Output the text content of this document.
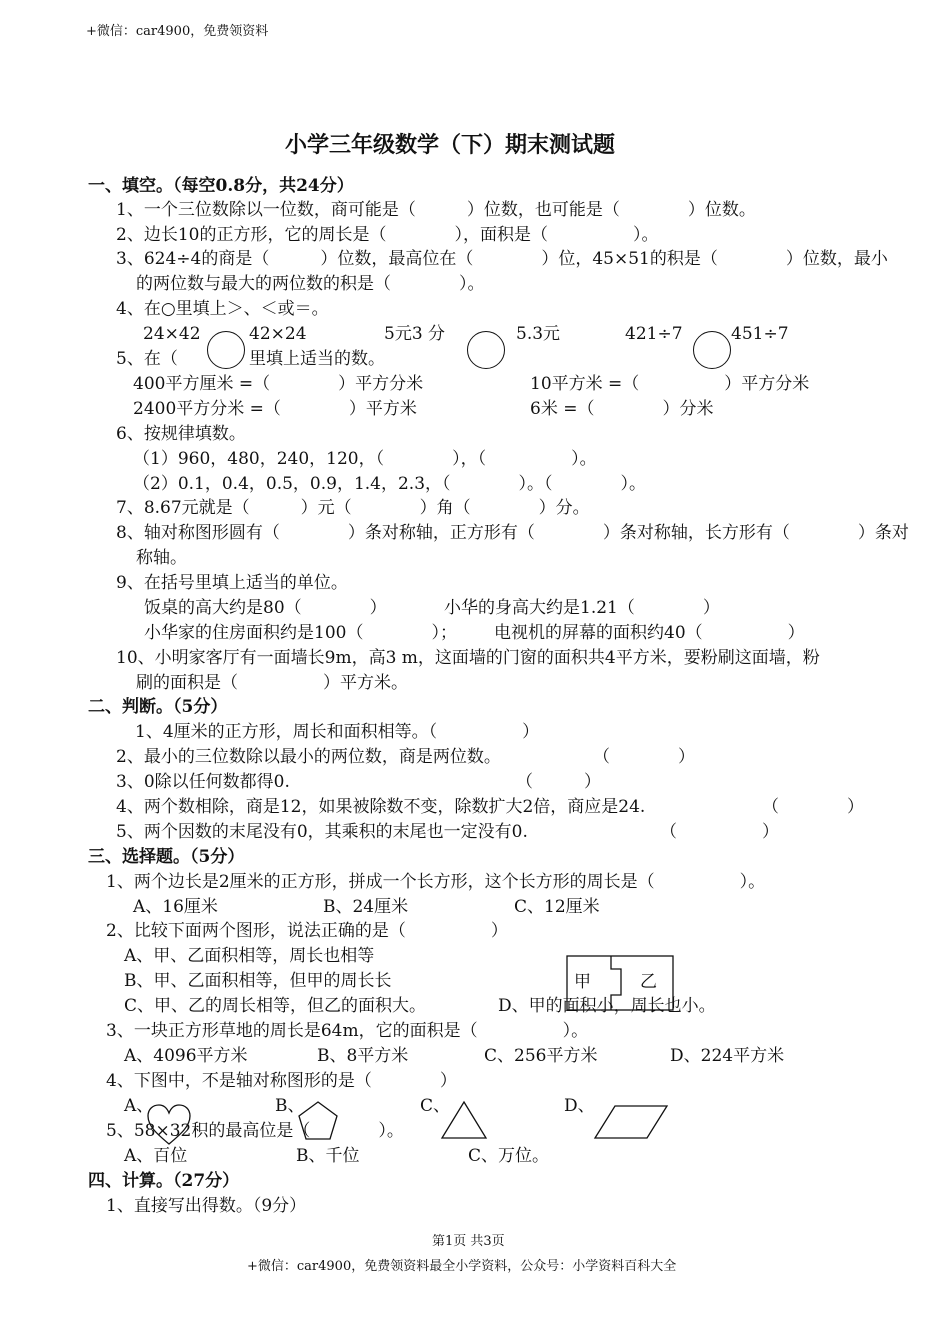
+微信：car4900，免费领资料
小学三年级数学（下）期末测试题
一、填空。（每空0.8分，共24分）
1、一个三位数除以一位数，商可能是（　　　）位数，也可能是（　　　　）位数。
2、边长10的正方形，它的周长是（　　　　），面积是（　　　　　）。
3、624÷4的商是（　　　）位数，最高位在（　　　　）位，45×51的积是（　　　　）位数，最小
的两位数与最大的两位数的积是（　　　　）。
4、在○里填上＞、＜或＝。
24×42	42×24	5元3 分	5.3元	421÷7	451÷7
5、在（	里填上适当的数。
400平方厘米 =（　　　　）平方分米	10平方米 =（　　　　　）平方分米
2400平方分米 =（　　　　）平方米	6米 =（　　　　）分米
6、按规律填数。
（1）960，480，240，120，（　　　　），（　　　　　）。
（2）0.1，0.4，0.5，0.9，1.4，2.3，（　　　　）。（　　　　）。
7、8.67元就是（　　　）元（　　　　）角（　　　　）分。
8、轴对称图形圆有（　　　　）条对称轴，正方形有（　　　　）条对称轴，长方形有（　　　　）条对
称轴。
9、在括号里填上适当的单位。
饭桌的高大约是80（　　　　）	小华的身高大约是1.21（　　　　）
小华家的住房面积约是100（　　　　）； 电视机的屏幕的面积约40（　　　　　）
10、小明家客厅有一面墙长9m，高3 m，这面墙的门窗的面积共4平方米，要粉刷这面墙，粉
刷的面积是（　　　　　）平方米。
二、判断。（5分）
1、4厘米的正方形，周长和面积相等。（　　　　　）
2、最小的三位数除以最小的两位数，商是两位数。	（　　　　）
3、0除以任何数都得0.	（　　　）
4、两个数相除，商是12，如果被除数不变，除数扩大2倍，商应是24.	（　　　　）
5、两个因数的末尾没有0，其乘积的末尾也一定没有0.	（　　　　　）
三、选择题。（5分）
1、两个边长是2厘米的正方形，拼成一个长方形，这个长方形的周长是（　　　　　）。
A、16厘米	B、24厘米	C、12厘米
2、比较下面两个图形，说法正确的是（　　　　　）
A、甲、乙面积相等，周长也相等
B、甲、乙面积相等，但甲的周长长	甲	乙
C、甲、乙的周长相等，但乙的面积大。	D、甲的面积小，周长也小。
3、一块正方形草地的周长是64m，它的面积是（　　　　　）。
A、4096平方米	B、8平方米	C、256平方米	D、224平方米
4、下图中，不是轴对称图形的是（　　　　）
A、	B、	C、	D、
5、58×32积的最高位是（　　　　）。
A、百位	B、千位	C、万位。
四、计算。（27分）
1、直接写出得数。（9分）
第1页 共3页
+微信：car4900，免费领资料最全小学资料，公众号：小学资料百科大全
